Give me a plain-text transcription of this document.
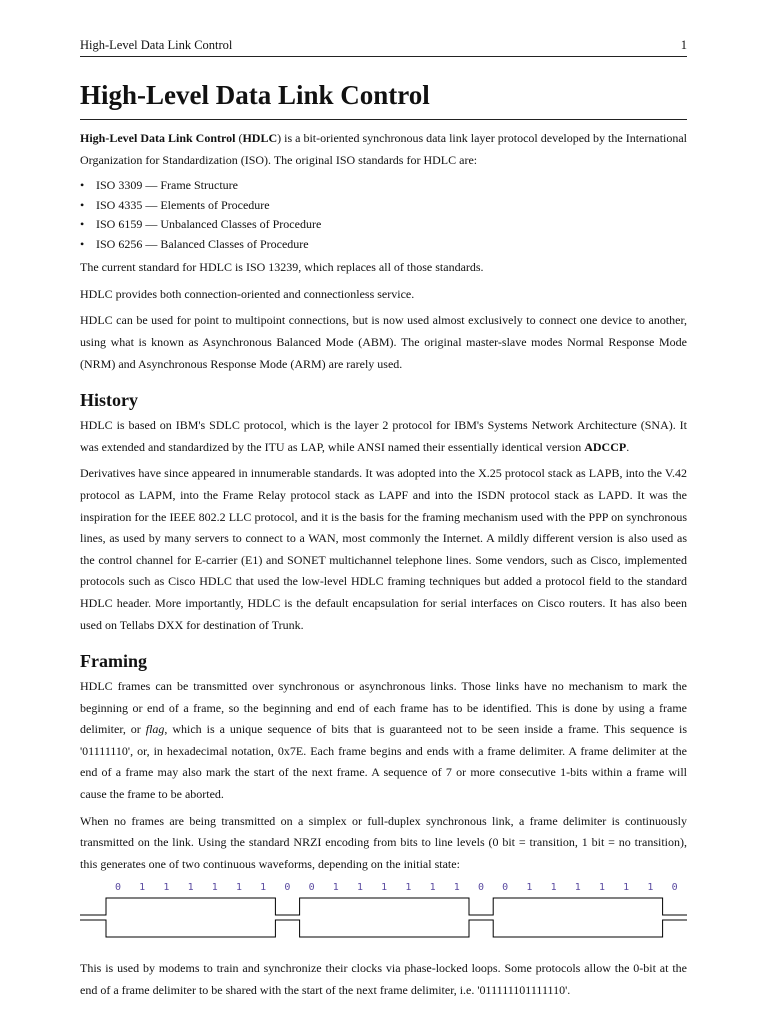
High-Level Data Link Control	1
High-Level Data Link Control

High-Level Data Link Control (HDLC) is a bit-oriented synchronous data link layer protocol developed by the International Organization for Standardization (ISO). The original ISO standards for HDLC are:

• ISO 3309 — Frame Structure
• ISO 4335 — Elements of Procedure
• ISO 6159 — Unbalanced Classes of Procedure
• ISO 6256 — Balanced Classes of Procedure

The current standard for HDLC is ISO 13239, which replaces all of those standards.

HDLC provides both connection-oriented and connectionless service.

HDLC can be used for point to multipoint connections, but is now used almost exclusively to connect one device to another, using what is known as Asynchronous Balanced Mode (ABM). The original master-slave modes Normal Response Mode (NRM) and Asynchronous Response Mode (ARM) are rarely used.

History

HDLC is based on IBM's SDLC protocol, which is the layer 2 protocol for IBM's Systems Network Architecture (SNA). It was extended and standardized by the ITU as LAP, while ANSI named their essentially identical version ADCCP.

Derivatives have since appeared in innumerable standards. It was adopted into the X.25 protocol stack as LAPB, into the V.42 protocol as LAPM, into the Frame Relay protocol stack as LAPF and into the ISDN protocol stack as LAPD. It was the inspiration for the IEEE 802.2 LLC protocol, and it is the basis for the framing mechanism used with the PPP on synchronous lines, as used by many servers to connect to a WAN, most commonly the Internet. A mildly different version is also used as the control channel for E-carrier (E1) and SONET multichannel telephone lines. Some vendors, such as Cisco, implemented protocols such as Cisco HDLC that used the low-level HDLC framing techniques but added a protocol field to the standard HDLC header. More importantly, HDLC is the default encapsulation for serial interfaces on Cisco routers. It has also been used on Tellabs DXX for destination of Trunk.

Framing

HDLC frames can be transmitted over synchronous or asynchronous links. Those links have no mechanism to mark the beginning or end of a frame, so the beginning and end of each frame has to be identified. This is done by using a frame delimiter, or flag, which is a unique sequence of bits that is guaranteed not to be seen inside a frame. This sequence is '01111110', or, in hexadecimal notation, 0x7E. Each frame begins and ends with a frame delimiter. A frame delimiter at the end of a frame may also mark the start of the next frame. A sequence of 7 or more consecutive 1-bits within a frame will cause the frame to be aborted.

When no frames are being transmitted on a simplex or full-duplex synchronous link, a frame delimiter is continuously transmitted on the link. Using the standard NRZI encoding from bits to line levels (0 bit = transition, 1 bit = no transition), this generates one of two continuous waveforms, depending on the initial state:

0 1 1 1 1 1 1 0 0 1 1 1 1 1 1 0 0 1 1 1 1 1 1 0

This is used by modems to train and synchronize their clocks via phase-locked loops. Some protocols allow the 0-bit at the end of a frame delimiter to be shared with the start of the next frame delimiter, i.e. '011111101111110'.
